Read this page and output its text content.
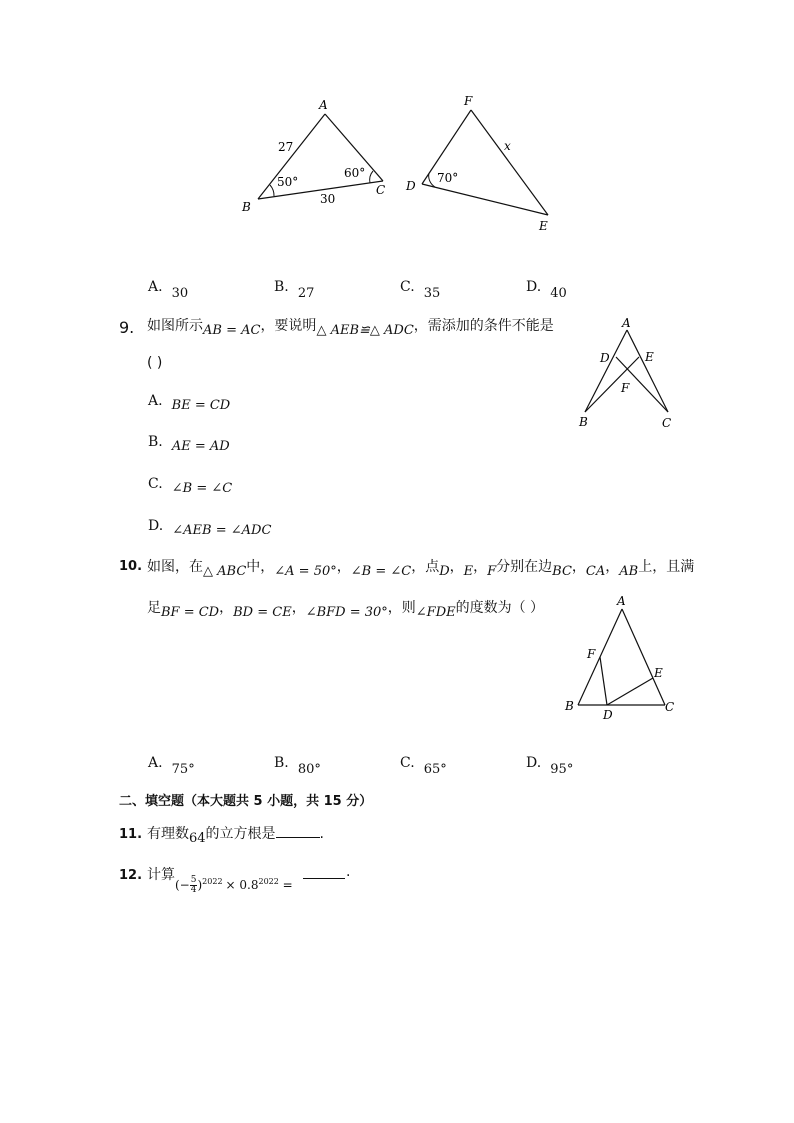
A
B
C
27
30
50°
60°
F
D
E
x
70°
A. $_{30}$	B. $_{27}$	C. $_{35}$	D. $_{40}$
9. 如图所示AB = AC，要说明△ AEB≌△ ADC，需添加的条件不能是
( )
A. $_{BE = CD}$
B. $_{AE = AD}$
C. $_{\angle B = \angle C}$
D. $_{\angle AEB = \angle ADC}$
A
D	E
F
B	C
10. 如图，在△ ABC中，∠A = 50°，∠B = ∠C，点D，E，F分别在边BC，CA，AB上，且满
足BF = CD，BD = CE，∠BFD = 30°，则∠FDE的度数为（ ）	A
F
E
B
D
C
A. $_{75^\circ}$	B. $_{80^\circ}$	C. $_{65^\circ}$	D. $_{95^\circ}$
二、填空题（本大题共 5 小题，共 15 分）
11. 有理数64的立方根是	.
12. 计算
(− $\frac{5}{4} )^{2022} \times 0.8^{2022}$ =
.
